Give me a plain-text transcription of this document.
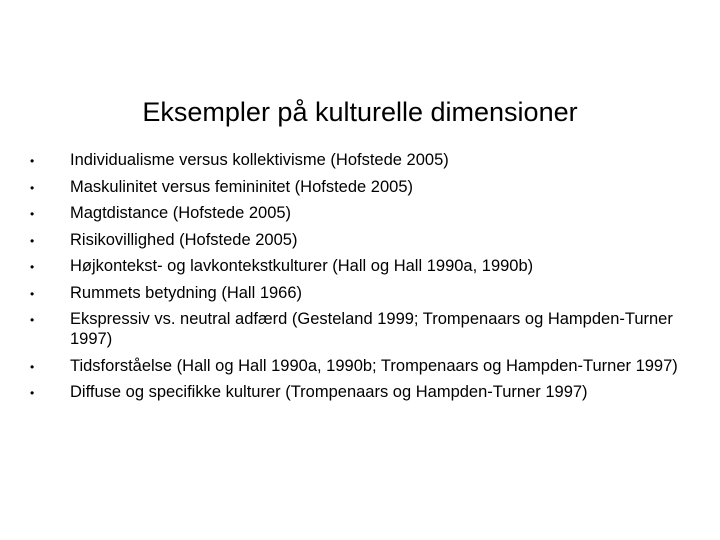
Eksempler på kulturelle dimensioner
•	Individualisme versus kollektivisme (Hofstede 2005)
•	Maskulinitet versus femininitet (Hofstede 2005)
•	Magtdistance (Hofstede 2005)
•	Risikovillighed (Hofstede 2005)
•	Højkontekst- og lavkontekstkulturer (Hall og Hall 1990a, 1990b)
•	Rummets betydning (Hall 1966)
•	Ekspressiv vs. neutral adfærd (Gesteland 1999; Trompenaars og Hampden-Turner 1997)
•	Tidsforståelse (Hall og Hall 1990a, 1990b; Trompenaars og Hampden-Turner 1997)
•	Diffuse og specifikke kulturer (Trompenaars og Hampden-Turner 1997)
